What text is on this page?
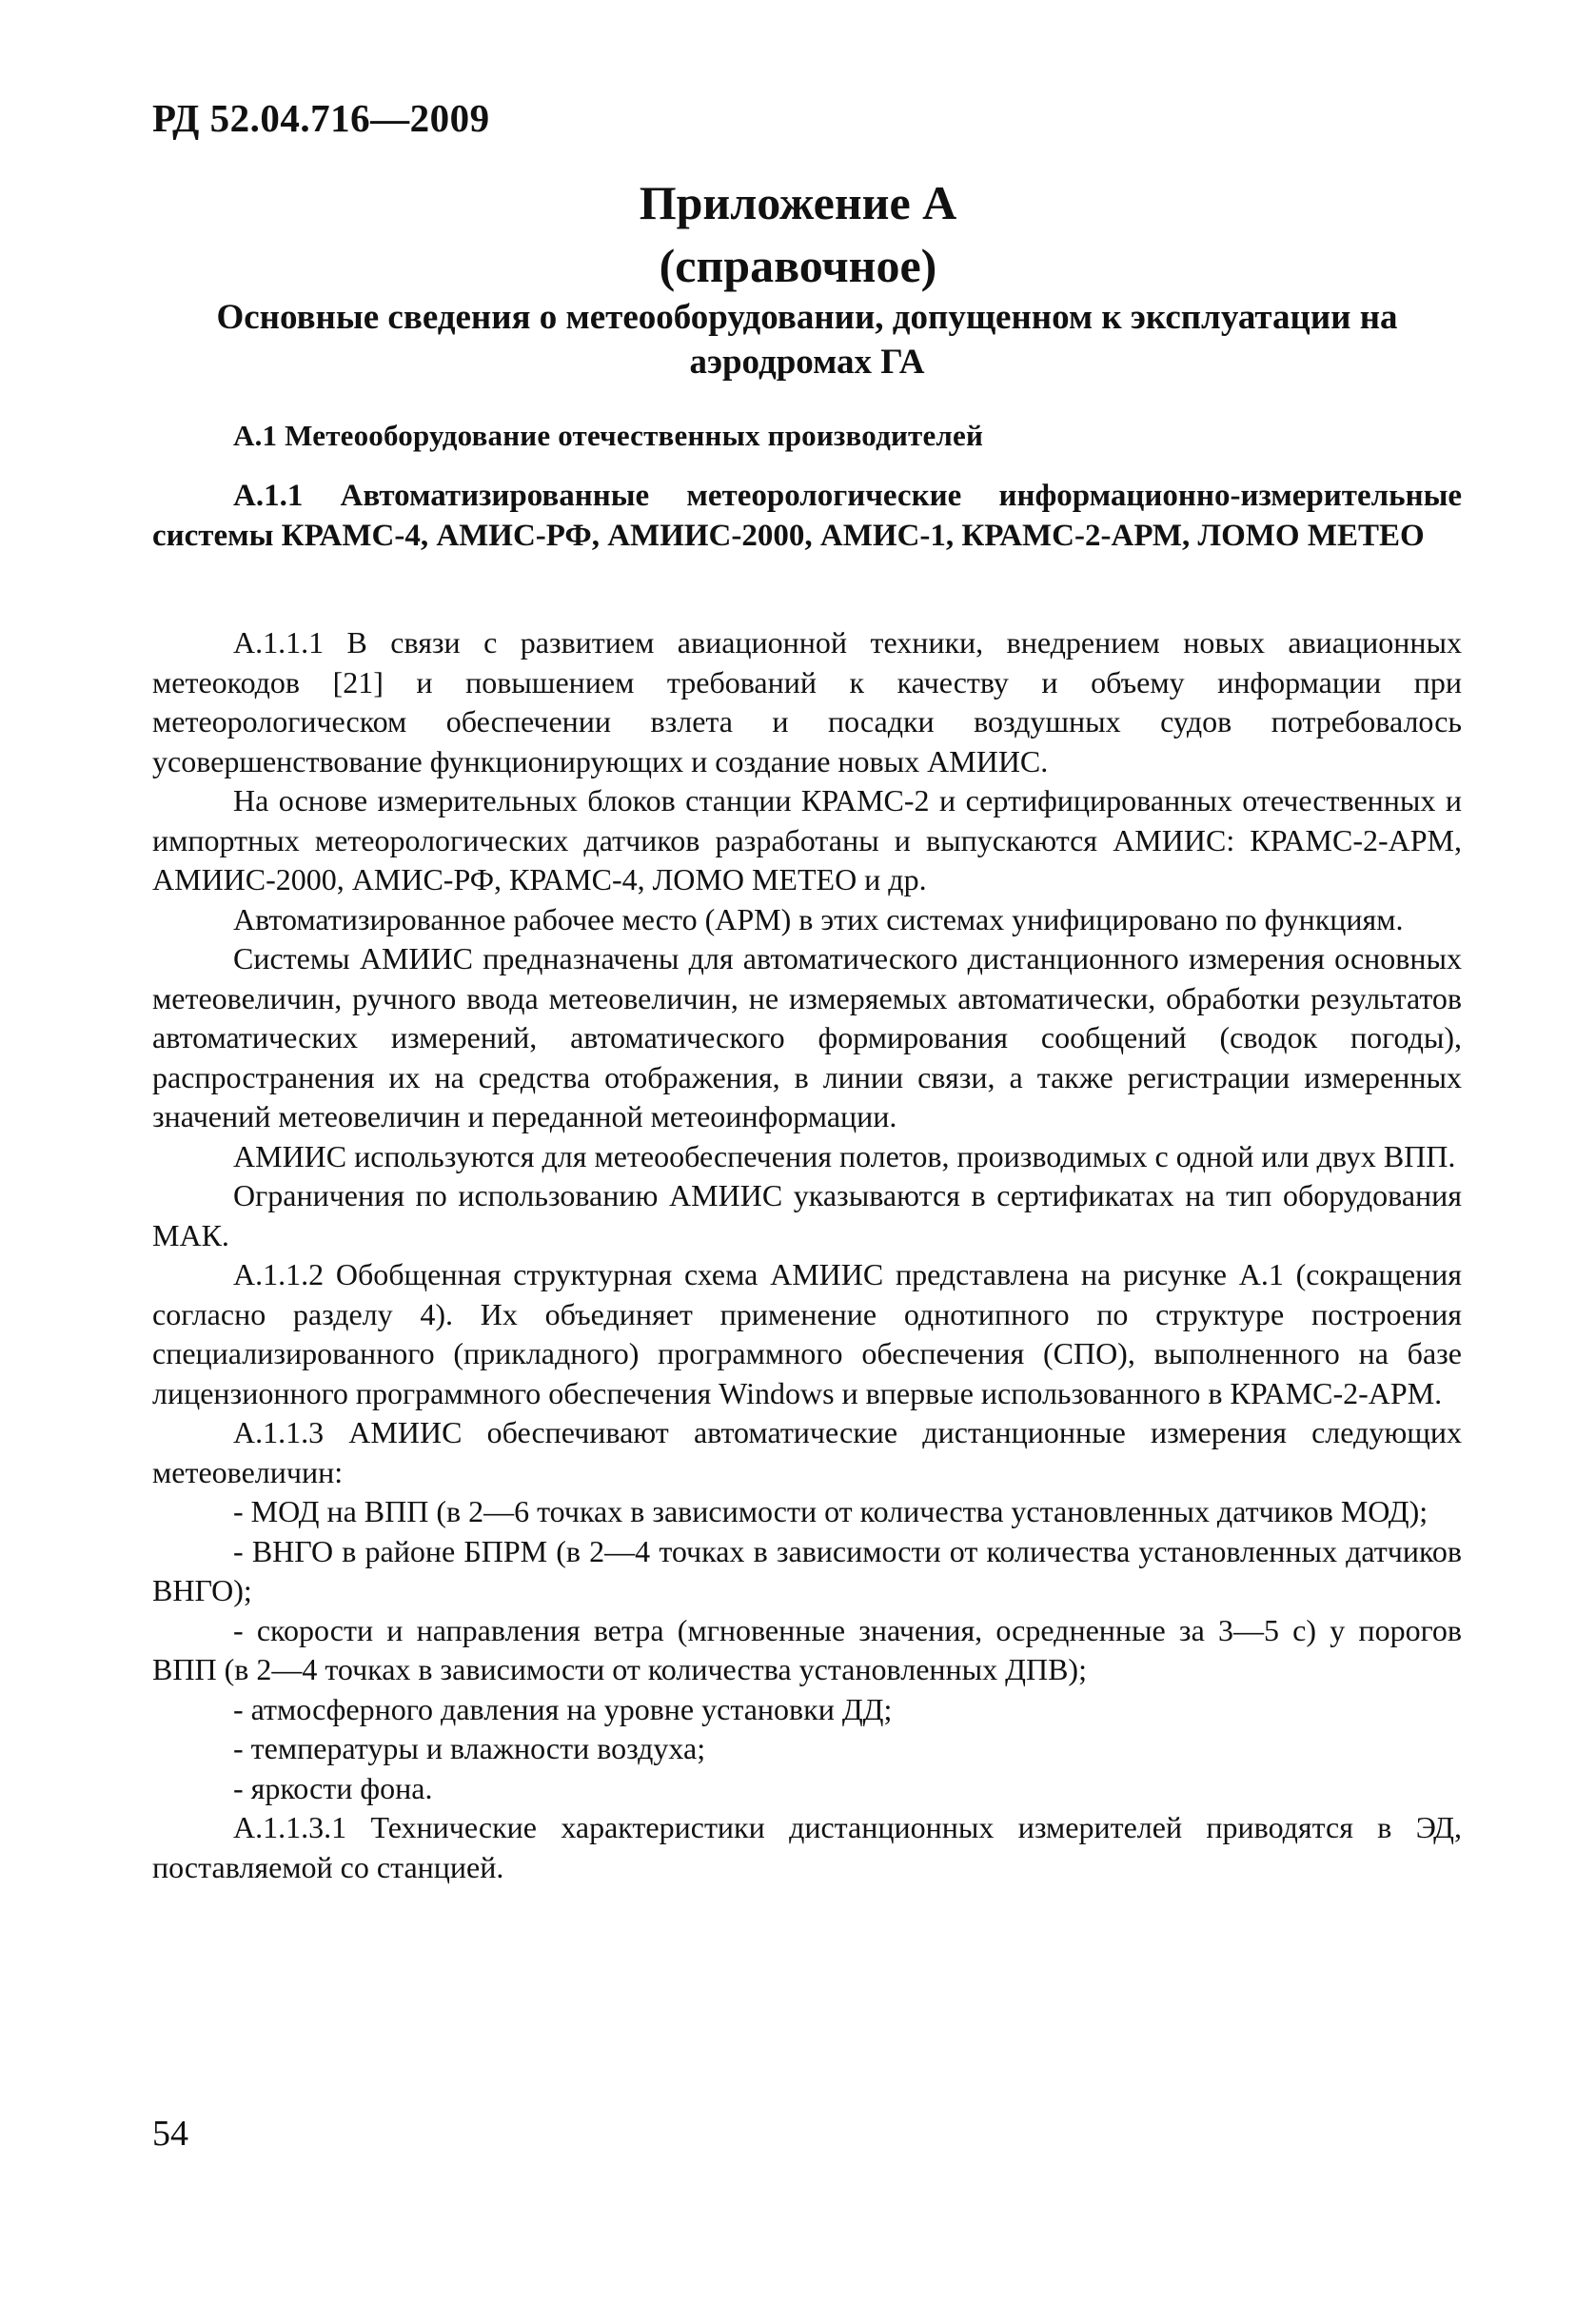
РД 52.04.716—2009
Приложение А
(справочное)
Основные сведения о метеооборудовании, допущенном к эксплуатации на аэродромах ГА
А.1 Метеооборудование отечественных производителей
А.1.1 Автоматизированные метеорологические информационно-измерительные системы КРАМС-4, АМИС-РФ, АМИИС-2000, АМИС-1, КРАМС-2-АРМ, ЛОМО МЕТЕО

А.1.1.1 В связи с развитием авиационной техники, внедрением новых авиационных метеокодов [21] и повышением требований к качеству и объему информации при метеорологическом обеспечении взлета и посадки воздушных судов потребовалось усовершенствование функционирующих и создание новых АМИИС.

На основе измерительных блоков станции КРАМС-2 и сертифицированных отечественных и импортных метеорологических датчиков разработаны и выпускаются АМИИС: КРАМС-2-АРМ, АМИИС-2000, АМИС-РФ, КРАМС-4, ЛОМО МЕТЕО и др.

Автоматизированное рабочее место (АРМ) в этих системах унифицировано по функциям.

Системы АМИИС предназначены для автоматического дистанционного измерения основных метеовеличин, ручного ввода метеовеличин, не измеряемых автоматически, обработки результатов автоматических измерений, автоматического формирования сообщений (сводок погоды), распространения их на средства отображения, в линии связи, а также регистрации измеренных значений метеовеличин и переданной метеоинформации.

АМИИС используются для метеообеспечения полетов, производимых с одной или двух ВПП.

Ограничения по использованию АМИИС указываются в сертификатах на тип оборудования МАК.

А.1.1.2 Обобщенная структурная схема АМИИС представлена на рисунке А.1 (сокращения согласно разделу 4). Их объединяет применение однотипного по структуре построения специализированного (прикладного) программного обеспечения (СПО), выполненного на базе лицензионного программного обеспечения Windows и впервые использованного в КРАМС-2-АРМ.

А.1.1.3 АМИИС обеспечивают автоматические дистанционные измерения следующих метеовеличин:

- МОД на ВПП (в 2—6 точках в зависимости от количества установленных датчиков МОД);

- ВНГО в районе БПРМ (в 2—4 точках в зависимости от количества установленных датчиков ВНГО);

- скорости и направления ветра (мгновенные значения, осредненные за 3—5 с) у порогов ВПП (в 2—4 точках в зависимости от количества установленных ДПВ);

- атмосферного давления на уровне установки ДД;

- температуры и влажности воздуха;

- яркости фона.

А.1.1.3.1 Технические характеристики дистанционных измерителей приводятся в ЭД, поставляемой со станцией.

54
